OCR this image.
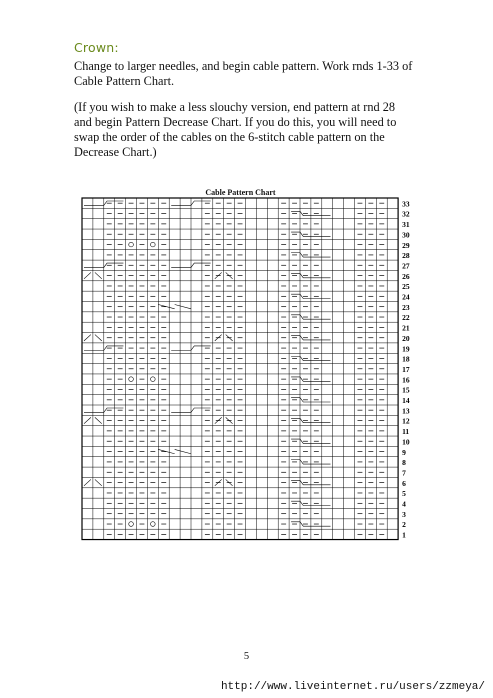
Crown:

Change to larger needles, and begin cable pattern. Work rnds 1-33 of Cable Pattern Chart.

(If you wish to make a less slouchy version, end pattern at rnd 28 and begin Pattern Decrease Chart. If you do this, you will need to swap the order of the cables on the 6-stitch cable pattern on the Decrease Chart.)

Cable Pattern Chart
33
32
31
30
29
28
27
26
25
24
23
22
21
20
19
18
17
16
15
14
13
12
11
10
9
8
7
6
5
4
3
2
1
5
http://www.liveinternet.ru/users/zzmeya/
